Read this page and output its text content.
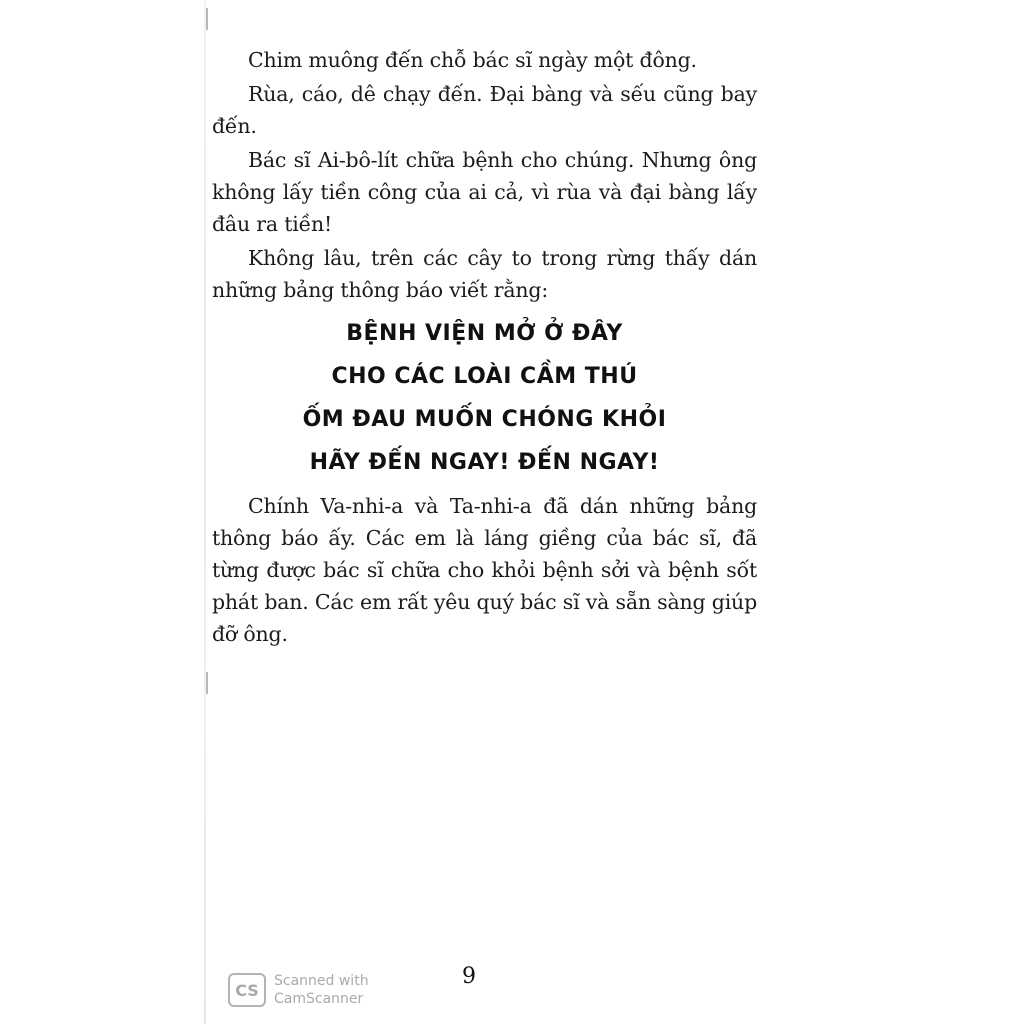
Chim muông đến chỗ bác sĩ ngày một đông.

Rùa, cáo, dê chạy đến. Đại bàng và sếu cũng bay đến.

Bác sĩ Ai-bô-lít chữa bệnh cho chúng. Nhưng ông không lấy tiền công của ai cả, vì rùa và đại bàng lấy đâu ra tiền!

Không lâu, trên các cây to trong rừng thấy dán những bảng thông báo viết rằng:

BỆNH VIỆN MỞ Ở ĐÂY
CHO CÁC LOÀI CẦM THÚ
ỐM ĐAU MUỐN CHÓNG KHỎI
HÃY ĐẾN NGAY! ĐẾN NGAY!

Chính Va-nhi-a và Ta-nhi-a đã dán những bảng thông báo ấy. Các em là láng giềng của bác sĩ, đã từng được bác sĩ chữa cho khỏi bệnh sởi và bệnh sốt phát ban. Các em rất yêu quý bác sĩ và sẵn sàng giúp đỡ ông.

9
CS	Scanned with
CamScanner
